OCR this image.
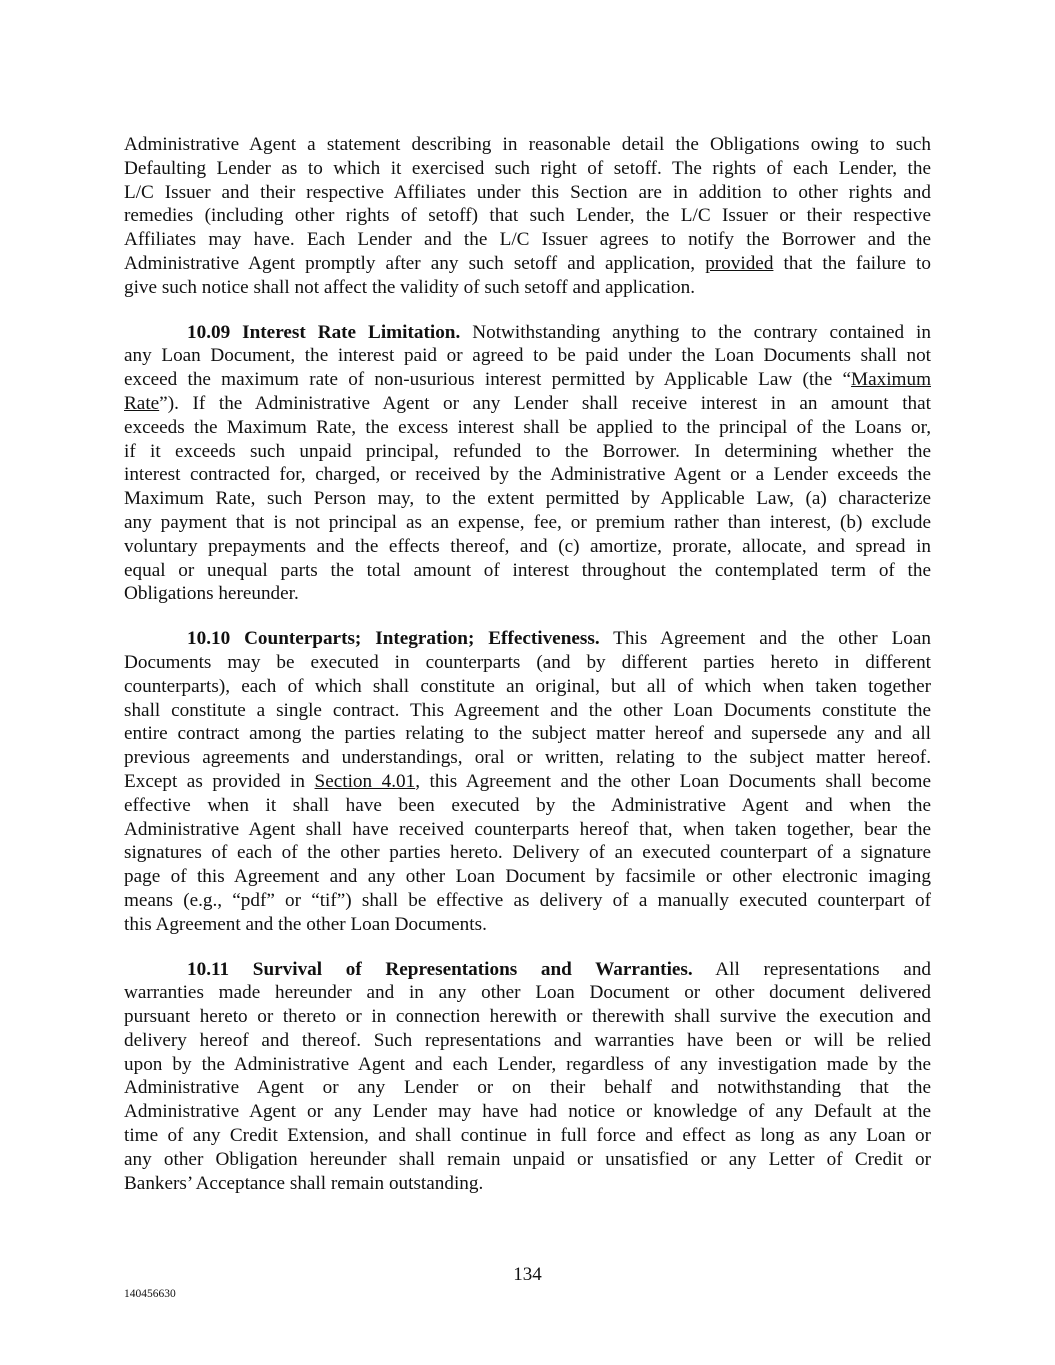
Administrative Agent a statement describing in reasonable detail the Obligations owing to such
Defaulting Lender as to which it exercised such right of setoff. The rights of each Lender, the
L/C Issuer and their respective Affiliates under this Section are in addition to other rights and
remedies (including other rights of setoff) that such Lender, the L/C Issuer or their respective
Affiliates may have. Each Lender and the L/C Issuer agrees to notify the Borrower and the
Administrative Agent promptly after any such setoff and application, provided that the failure to
give such notice shall not affect the validity of such setoff and application.
10.09 Interest Rate Limitation. Notwithstanding anything to the contrary contained in
any Loan Document, the interest paid or agreed to be paid under the Loan Documents shall not
exceed the maximum rate of non-usurious interest permitted by Applicable Law (the “Maximum
Rate”). If the Administrative Agent or any Lender shall receive interest in an amount that
exceeds the Maximum Rate, the excess interest shall be applied to the principal of the Loans or,
if it exceeds such unpaid principal, refunded to the Borrower. In determining whether the
interest contracted for, charged, or received by the Administrative Agent or a Lender exceeds the
Maximum Rate, such Person may, to the extent permitted by Applicable Law, (a) characterize
any payment that is not principal as an expense, fee, or premium rather than interest, (b) exclude
voluntary prepayments and the effects thereof, and (c) amortize, prorate, allocate, and spread in
equal or unequal parts the total amount of interest throughout the contemplated term of the
Obligations hereunder.
10.10 Counterparts; Integration; Effectiveness. This Agreement and the other Loan
Documents may be executed in counterparts (and by different parties hereto in different
counterparts), each of which shall constitute an original, but all of which when taken together
shall constitute a single contract. This Agreement and the other Loan Documents constitute the
entire contract among the parties relating to the subject matter hereof and supersede any and all
previous agreements and understandings, oral or written, relating to the subject matter hereof.
Except as provided in Section 4.01, this Agreement and the other Loan Documents shall become
effective when it shall have been executed by the Administrative Agent and when the
Administrative Agent shall have received counterparts hereof that, when taken together, bear the
signatures of each of the other parties hereto. Delivery of an executed counterpart of a signature
page of this Agreement and any other Loan Document by facsimile or other electronic imaging
means (e.g., “pdf” or “tif”) shall be effective as delivery of a manually executed counterpart of
this Agreement and the other Loan Documents.
10.11 Survival of Representations and Warranties. All representations and
warranties made hereunder and in any other Loan Document or other document delivered
pursuant hereto or thereto or in connection herewith or therewith shall survive the execution and
delivery hereof and thereof. Such representations and warranties have been or will be relied
upon by the Administrative Agent and each Lender, regardless of any investigation made by the
Administrative Agent or any Lender or on their behalf and notwithstanding that the
Administrative Agent or any Lender may have had notice or knowledge of any Default at the
time of any Credit Extension, and shall continue in full force and effect as long as any Loan or
any other Obligation hereunder shall remain unpaid or unsatisfied or any Letter of Credit or
Bankers’ Acceptance shall remain outstanding.
134
140456630
